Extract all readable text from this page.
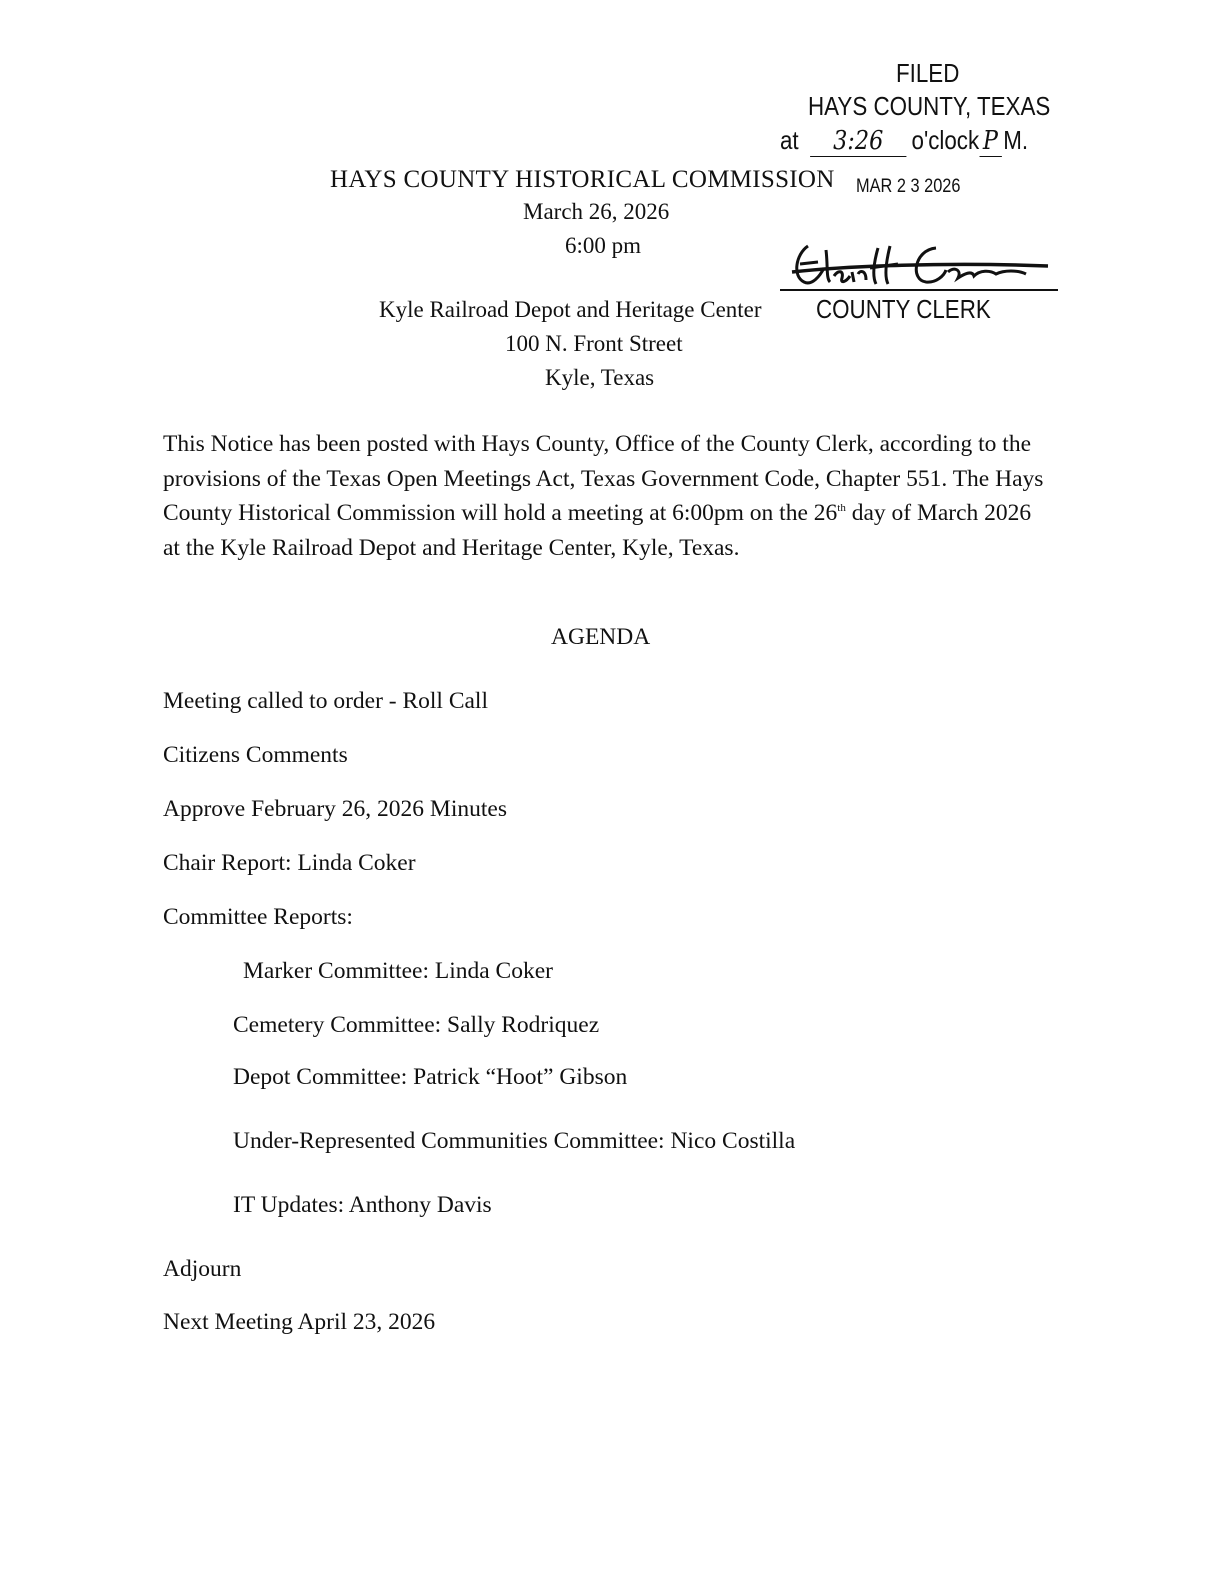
FILED
HAYS COUNTY, TEXAS
at 3:26 o'clock P M.
MAR 2 3 2026
COUNTY CLERK
HAYS COUNTY HISTORICAL COMMISSION
March 26, 2026
6:00 pm
Kyle Railroad Depot and Heritage Center
100 N. Front Street
Kyle, Texas
This Notice has been posted with Hays County, Office of the County Clerk, according to the provisions of the Texas Open Meetings Act, Texas Government Code, Chapter 551. The Hays County Historical Commission will hold a meeting at 6:00pm on the 26th day of March 2026 at the Kyle Railroad Depot and Heritage Center, Kyle, Texas.
AGENDA
Meeting called to order - Roll Call
Citizens Comments
Approve February 26, 2026 Minutes
Chair Report: Linda Coker
Committee Reports:
Marker Committee: Linda Coker
Cemetery Committee: Sally Rodriquez
Depot Committee: Patrick “Hoot” Gibson
Under-Represented Communities Committee: Nico Costilla
IT Updates: Anthony Davis
Adjourn
Next Meeting April 23, 2026
